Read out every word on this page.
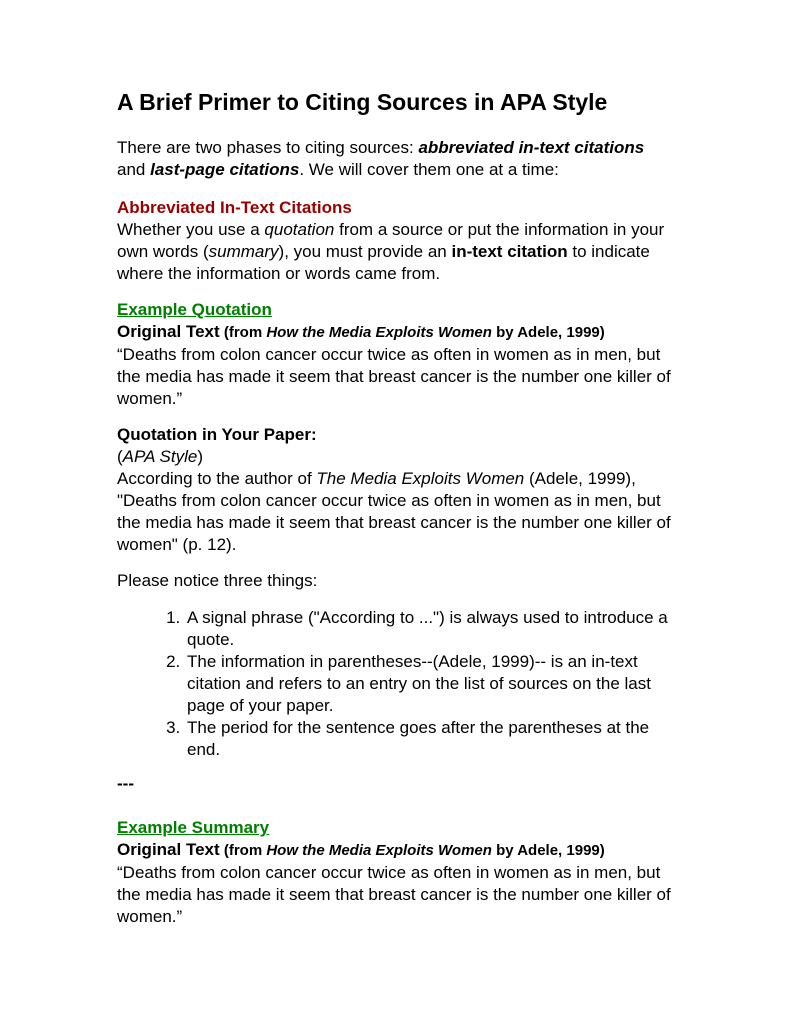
A Brief Primer to Citing Sources in APA Style

There are two phases to citing sources: abbreviated in-text citations and last-page citations. We will cover them one at a time:

Abbreviated In-Text Citations

Whether you use a quotation from a source or put the information in your own words (summary), you must provide an in-text citation to indicate where the information or words came from.

Example Quotation

Original Text (from How the Media Exploits Women by Adele, 1999)

“Deaths from colon cancer occur twice as often in women as in men, but the media has made it seem that breast cancer is the number one killer of women.”

Quotation in Your Paper:

(APA Style)

According to the author of The Media Exploits Women (Adele, 1999), "Deaths from colon cancer occur twice as often in women as in men, but the media has made it seem that breast cancer is the number one killer of women" (p. 12).

Please notice three things:

1. A signal phrase ("According to ...") is always used to introduce a quote.
2. The information in parentheses--(Adele, 1999)-- is an in-text citation and refers to an entry on the list of sources on the last page of your paper.
3. The period for the sentence goes after the parentheses at the end.

---

Example Summary

Original Text (from How the Media Exploits Women by Adele, 1999)

“Deaths from colon cancer occur twice as often in women as in men, but the media has made it seem that breast cancer is the number one killer of women.”
